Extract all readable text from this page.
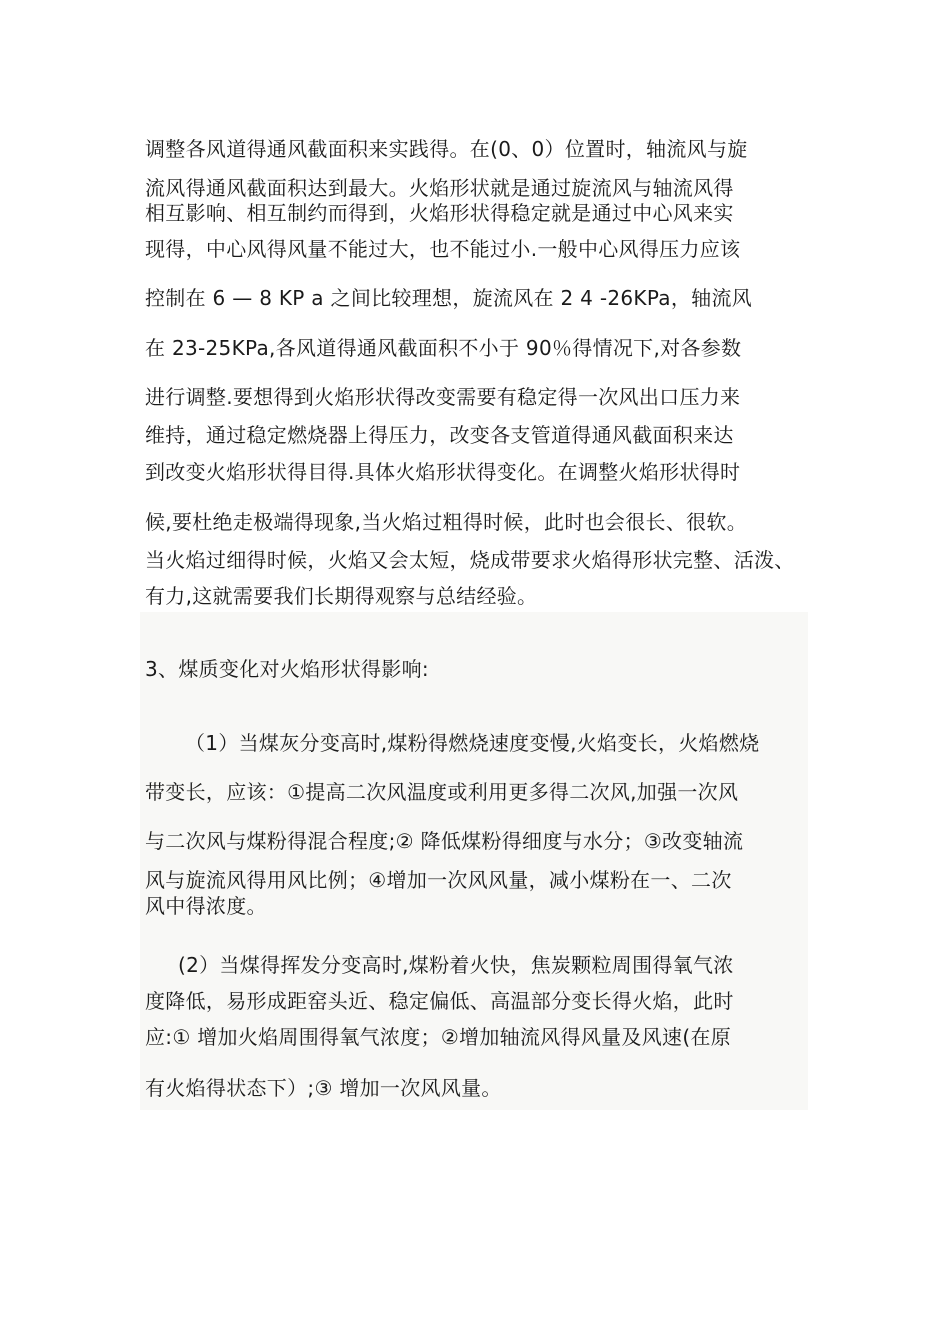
调整各风道得通风截面积来实践得。在(0、0）位置时，轴流风与旋
流风得通风截面积达到最大。火焰形状就是通过旋流风与轴流风得
相互影响、相互制约而得到，火焰形状得稳定就是通过中心风来实
现得，中心风得风量不能过大，也不能过小.一般中心风得压力应该
控制在 6 — 8 KP a 之间比较理想，旋流风在 2 4 -26KPa，轴流风
在 23-25KPa,各风道得通风截面积不小于 90％得情况下,对各参数
进行调整.要想得到火焰形状得改变需要有稳定得一次风出口压力来
维持，通过稳定燃烧器上得压力，改变各支管道得通风截面积来达
到改变火焰形状得目得.具体火焰形状得变化。在调整火焰形状得时
候,要杜绝走极端得现象,当火焰过粗得时候，此时也会很长、很软。
当火焰过细得时候，火焰又会太短，烧成带要求火焰得形状完整、活泼、
有力,这就需要我们长期得观察与总结经验。
3、煤质变化对火焰形状得影响:
（1）当煤灰分变高时,煤粉得燃烧速度变慢,火焰变长，火焰燃烧
带变长，应该：①提高二次风温度或利用更多得二次风,加强一次风
与二次风与煤粉得混合程度;② 降低煤粉得细度与水分；③改变轴流
风与旋流风得用风比例；④增加一次风风量，减小煤粉在一、二次
风中得浓度。
(2）当煤得挥发分变高时,煤粉着火快，焦炭颗粒周围得氧气浓
度降低，易形成距窑头近、稳定偏低、高温部分变长得火焰，此时
应:① 增加火焰周围得氧气浓度；②增加轴流风得风量及风速(在原
有火焰得状态下）;③ 增加一次风风量。
